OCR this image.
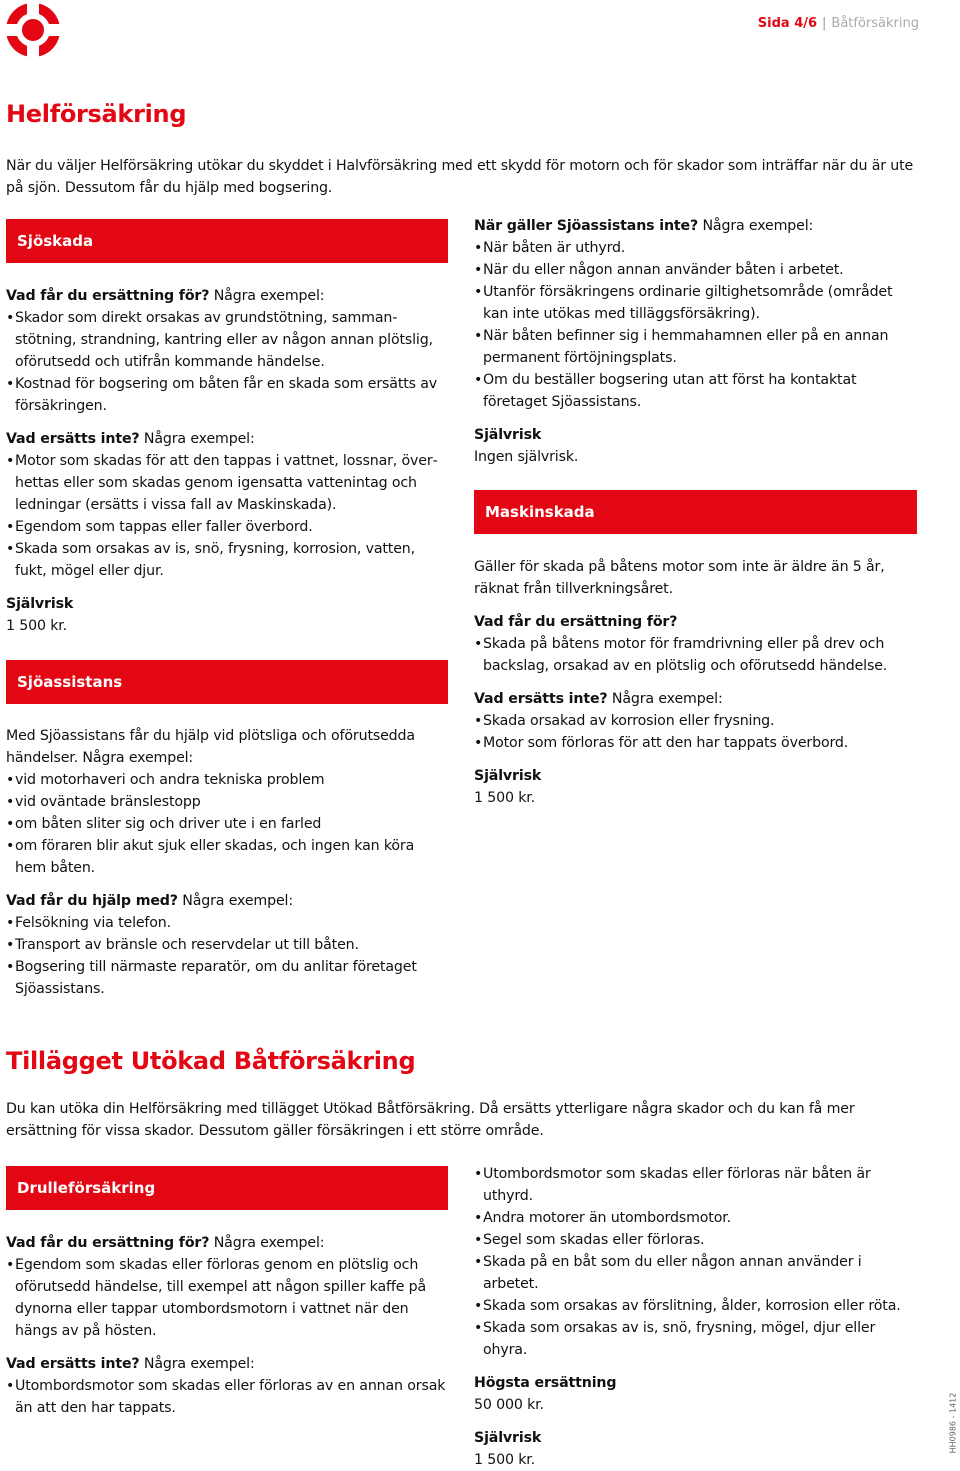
Sida 4/6 | Båtförsäkring
Helförsäkring
När du väljer Helförsäkring utökar du skyddet i Halvförsäkring med ett skydd för motorn och för skador som inträffar när du är ute på sjön. Dessutom får du hjälp med bogsering.
Sjöskada
Vad får du ersättning för? Några exempel:
• Skador som direkt orsakas av grundstötning, sammanstötning, strandning, kantring eller av någon annan plötslig, oförutsedd och utifrån kommande händelse.
• Kostnad för bogsering om båten får en skada som ersätts av försäkringen.
Vad ersätts inte? Några exempel:
• Motor som skadas för att den tappas i vattnet, lossnar, överhettas eller som skadas genom igensatta vattenintag och ledningar (ersätts i vissa fall av Maskinskada).
• Egendom som tappas eller faller överbord.
• Skada som orsakas av is, snö, frysning, korrosion, vatten, fukt, mögel eller djur.
Självrisk
1 500 kr.
Sjöassistans
Med Sjöassistans får du hjälp vid plötsliga och oförutsedda händelser. Några exempel:
• vid motorhaveri och andra tekniska problem
• vid oväntade bränslestopp
• om båten sliter sig och driver ute i en farled
• om föraren blir akut sjuk eller skadas, och ingen kan köra hem båten.
Vad får du hjälp med? Några exempel:
• Felsökning via telefon.
• Transport av bränsle och reservdelar ut till båten.
• Bogsering till närmaste reparatör, om du anlitar företaget Sjöassistans.
När gäller Sjöassistans inte? Några exempel:
• När båten är uthyrd.
• När du eller någon annan använder båten i arbetet.
• Utanför försäkringens ordinarie giltighetsområde (området kan inte utökas med tilläggsförsäkring).
• När båten befinner sig i hemmahamnen eller på en annan permanent förtöjningsplats.
• Om du beställer bogsering utan att först ha kontaktat företaget Sjöassistans.
Självrisk
Ingen självrisk.
Maskinskada
Gäller för skada på båtens motor som inte är äldre än 5 år, räknat från tillverkningsåret.
Vad får du ersättning för?
• Skada på båtens motor för framdrivning eller på drev och backslag, orsakad av en plötslig och oförutsedd händelse.
Vad ersätts inte? Några exempel:
• Skada orsakad av korrosion eller frysning.
• Motor som förloras för att den har tappats överbord.
Självrisk
1 500 kr.
Tillägget Utökad Båtförsäkring
Du kan utöka din Helförsäkring med tillägget Utökad Båtförsäkring. Då ersätts ytterligare några skador och du kan få mer ersättning för vissa skador. Dessutom gäller försäkringen i ett större område.
Drulleförsäkring
Vad får du ersättning för? Några exempel:
• Egendom som skadas eller förloras genom en plötslig och oförutsedd händelse, till exempel att någon spiller kaffe på dynorna eller tappar utombordsmotorn i vattnet när den hängs av på hösten.
Vad ersätts inte? Några exempel:
• Utombordsmotor som skadas eller förloras av en annan orsak än att den har tappats.
• Utombordsmotor som skadas eller förloras när båten är uthyrd.
• Andra motorer än utombordsmotor.
• Segel som skadas eller förloras.
• Skada på en båt som du eller någon annan använder i arbetet.
• Skada som orsakas av förslitning, ålder, korrosion eller röta.
• Skada som orsakas av is, snö, frysning, mögel, djur eller ohyra.
Högsta ersättning
50 000 kr.
Självrisk
1 500 kr.
HH0986 - 1412
